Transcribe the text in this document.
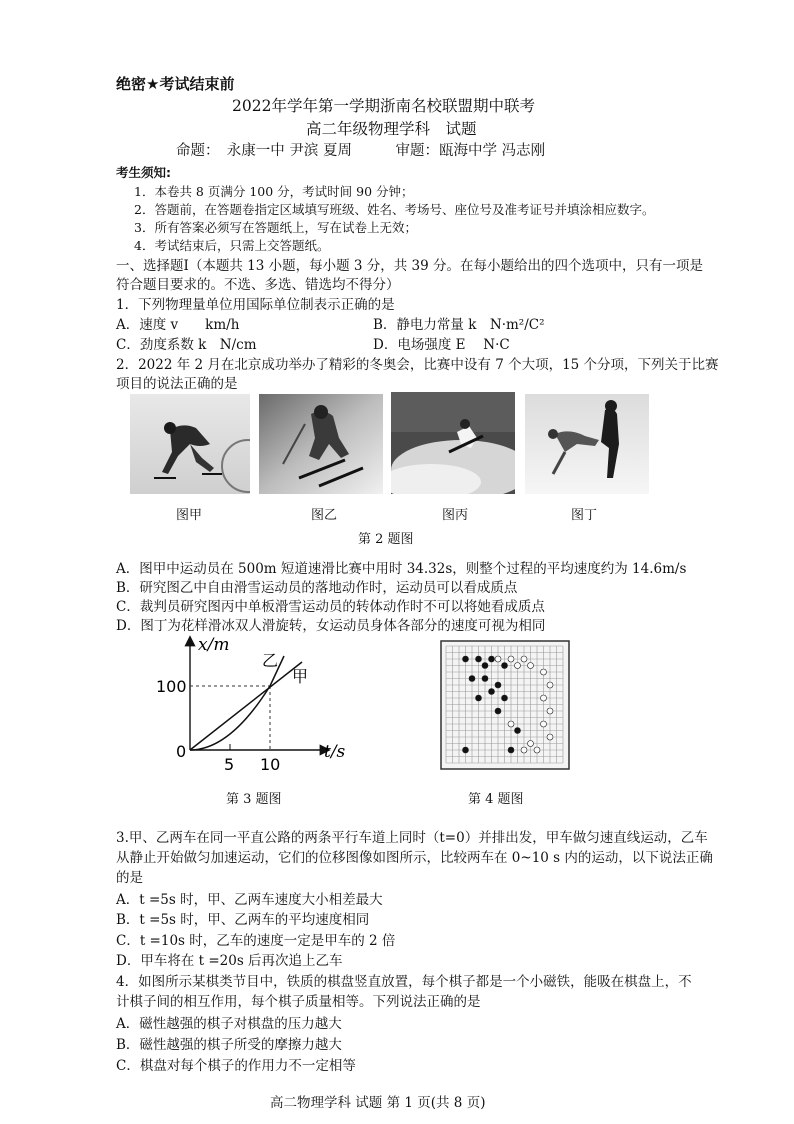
绝密★考试结束前
2022年学年第一学期浙南名校联盟期中联考
高二年级物理学科　试题
命题：　永康一中 尹滨 夏周　　　审题：瓯海中学 冯志刚
考生须知:
1．本卷共 8 页满分 100 分，考试时间 90 分钟；
2．答题前，在答题卷指定区域填写班级、姓名、考场号、座位号及准考证号并填涂相应数字。
3．所有答案必须写在答题纸上，写在试卷上无效；
4．考试结束后，只需上交答题纸。
一、选择题Ⅰ（本题共 13 小题，每小题 3 分，共 39 分。在每小题给出的四个选项中，只有一项是
符合题目要求的。不选、多选、错选均不得分）
1．下列物理量单位用国际单位制表示正确的是
A．速度 v　　km/h	B．静电力常量 k　N·m²/C²
C．劲度系数 k　N/cm	D．电场强度 E　 N·C
2．2022 年 2 月在北京成功举办了精彩的冬奥会，比赛中设有 7 个大项，15 个分项，下列关于比赛
项目的说法正确的是
图甲	图乙	图丙	图丁
第 2 题图
A．图甲中运动员在 500m 短道速滑比赛中用时 34.32s，则整个过程的平均速度约为 14.6m/s
B．研究图乙中自由滑雪运动员的落地动作时，运动员可以看成质点
C．裁判员研究图丙中单板滑雪运动员的转体动作时不可以将她看成质点
D．图丁为花样滑冰双人滑旋转，女运动员身体各部分的速度可视为相同
x/m
t/s
100
0
5 10
乙
甲
第 3 题图	第 4 题图
3.甲、乙两车在同一平直公路的两条平行车道上同时（t=0）并排出发，甲车做匀速直线运动，乙车
从静止开始做匀加速运动，它们的位移图像如图所示，比较两车在 0~10 s 内的运动，以下说法正确
的是
A．t =5s 时，甲、乙两车速度大小相差最大
B．t =5s 时，甲、乙两车的平均速度相同
C．t =10s 时，乙车的速度一定是甲车的 2 倍
D．甲车将在 t =20s 后再次追上乙车
4．如图所示某棋类节目中，铁质的棋盘竖直放置，每个棋子都是一个小磁铁，能吸在棋盘上，不
计棋子间的相互作用，每个棋子质量相等。下列说法正确的是
A．磁性越强的棋子对棋盘的压力越大
B．磁性越强的棋子所受的摩擦力越大
C．棋盘对每个棋子的作用力不一定相等
高二物理学科 试题 第 1 页(共 8 页)
